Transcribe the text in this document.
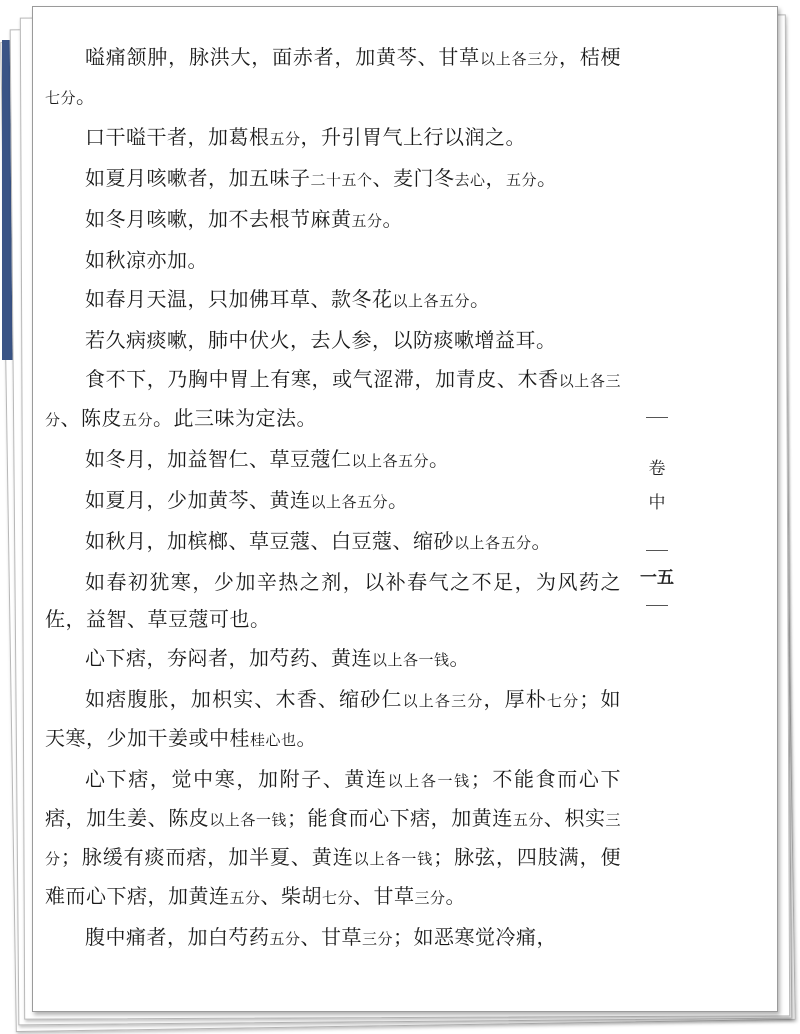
嗌痛颔肿，脉洪大，面赤者，加黄芩、甘草以上各三分，桔梗七分。

口干嗌干者，加葛根五分，升引胃气上行以润之。

如夏月咳嗽者，加五味子二十五个、麦门冬去心，五分。

如冬月咳嗽，加不去根节麻黄五分。

如秋凉亦加。

如春月天温，只加佛耳草、款冬花以上各五分。

若久病痰嗽，肺中伏火，去人参，以防痰嗽增益耳。

食不下，乃胸中胃上有寒，或气涩滞，加青皮、木香以上各三分、陈皮五分。此三味为定法。

如冬月，加益智仁、草豆蔻仁以上各五分。

如夏月，少加黄芩、黄连以上各五分。

如秋月，加槟榔、草豆蔻、白豆蔻、缩砂以上各五分。

如春初犹寒，少加辛热之剂，以补春气之不足，为风药之佐，益智、草豆蔻可也。

心下痞，夯闷者，加芍药、黄连以上各一钱。

如痞腹胀，加枳实、木香、缩砂仁以上各三分，厚朴七分；如天寒，少加干姜或中桂桂心也。

心下痞，觉中寒，加附子、黄连以上各一钱；不能食而心下痞，加生姜、陈皮以上各一钱；能食而心下痞，加黄连五分、枳实三分；脉缓有痰而痞，加半夏、黄连以上各一钱；脉弦，四肢满，便难而心下痞，加黄连五分、柴胡七分、甘草三分。

腹中痛者，加白芍药五分、甘草三分；如恶寒觉冷痛，

卷
中
一五
